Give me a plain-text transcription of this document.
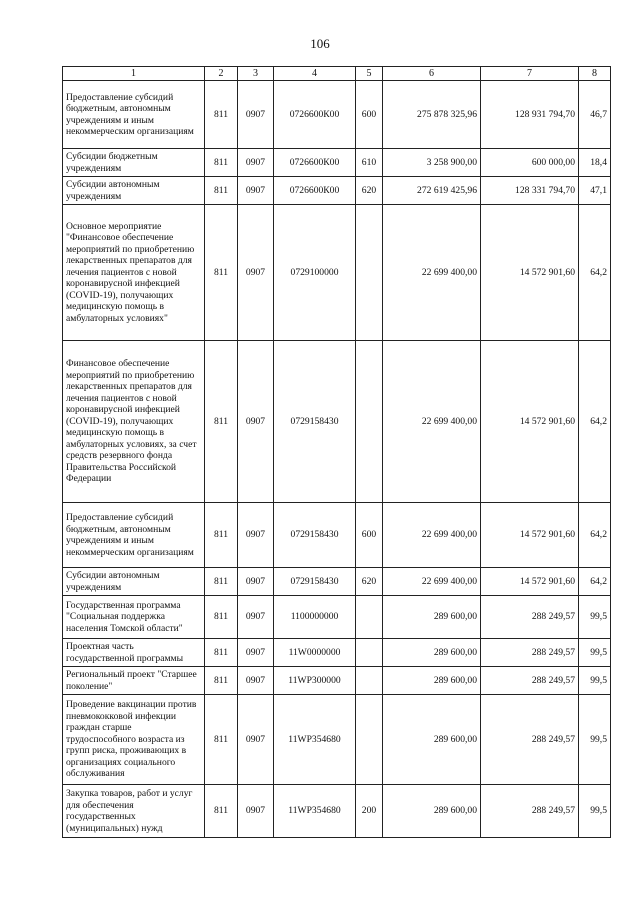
106
1	2	3	4	5	6	7	8
Предоставление субсидий бюджетным, автономным учреждениям и иным некоммерческим организациям	811	0907	0726600К00	600	275 878 325,96	128 931 794,70	46,7
Субсидии бюджетным учреждениям	811	0907	0726600К00	610	3 258 900,00	600 000,00	18,4
Субсидии автономным учреждениям	811	0907	0726600К00	620	272 619 425,96	128 331 794,70	47,1
Основное мероприятие "Финансовое обеспечение мероприятий по приобретению лекарственных препаратов для лечения пациентов с новой коронавирусной инфекцией (COVID-19), получающих медицинскую помощь в амбулаторных условиях"	811	0907	0729100000		22 699 400,00	14 572 901,60	64,2
Финансовое обеспечение мероприятий по приобретению лекарственных препаратов для лечения пациентов с новой коронавирусной инфекцией (COVID-19), получающих медицинскую помощь в амбулаторных условиях, за счет средств резервного фонда Правительства Российской Федерации	811	0907	0729158430		22 699 400,00	14 572 901,60	64,2
Предоставление субсидий бюджетным, автономным учреждениям и иным некоммерческим организациям	811	0907	0729158430	600	22 699 400,00	14 572 901,60	64,2
Субсидии автономным учреждениям	811	0907	0729158430	620	22 699 400,00	14 572 901,60	64,2
Государственная программа "Социальная поддержка населения Томской области"	811	0907	1100000000		289 600,00	288 249,57	99,5
Проектная часть государственной программы	811	0907	11W0000000		289 600,00	288 249,57	99,5
Региональный проект "Старшее поколение"	811	0907	11WP300000		289 600,00	288 249,57	99,5
Проведение вакцинации против пневмококковой инфекции граждан старше трудоспособного возраста из групп риска, проживающих в организациях социального обслуживания	811	0907	11WP354680		289 600,00	288 249,57	99,5
Закупка товаров, работ и услуг для обеспечения государственных (муниципальных) нужд	811	0907	11WP354680	200	289 600,00	288 249,57	99,5
